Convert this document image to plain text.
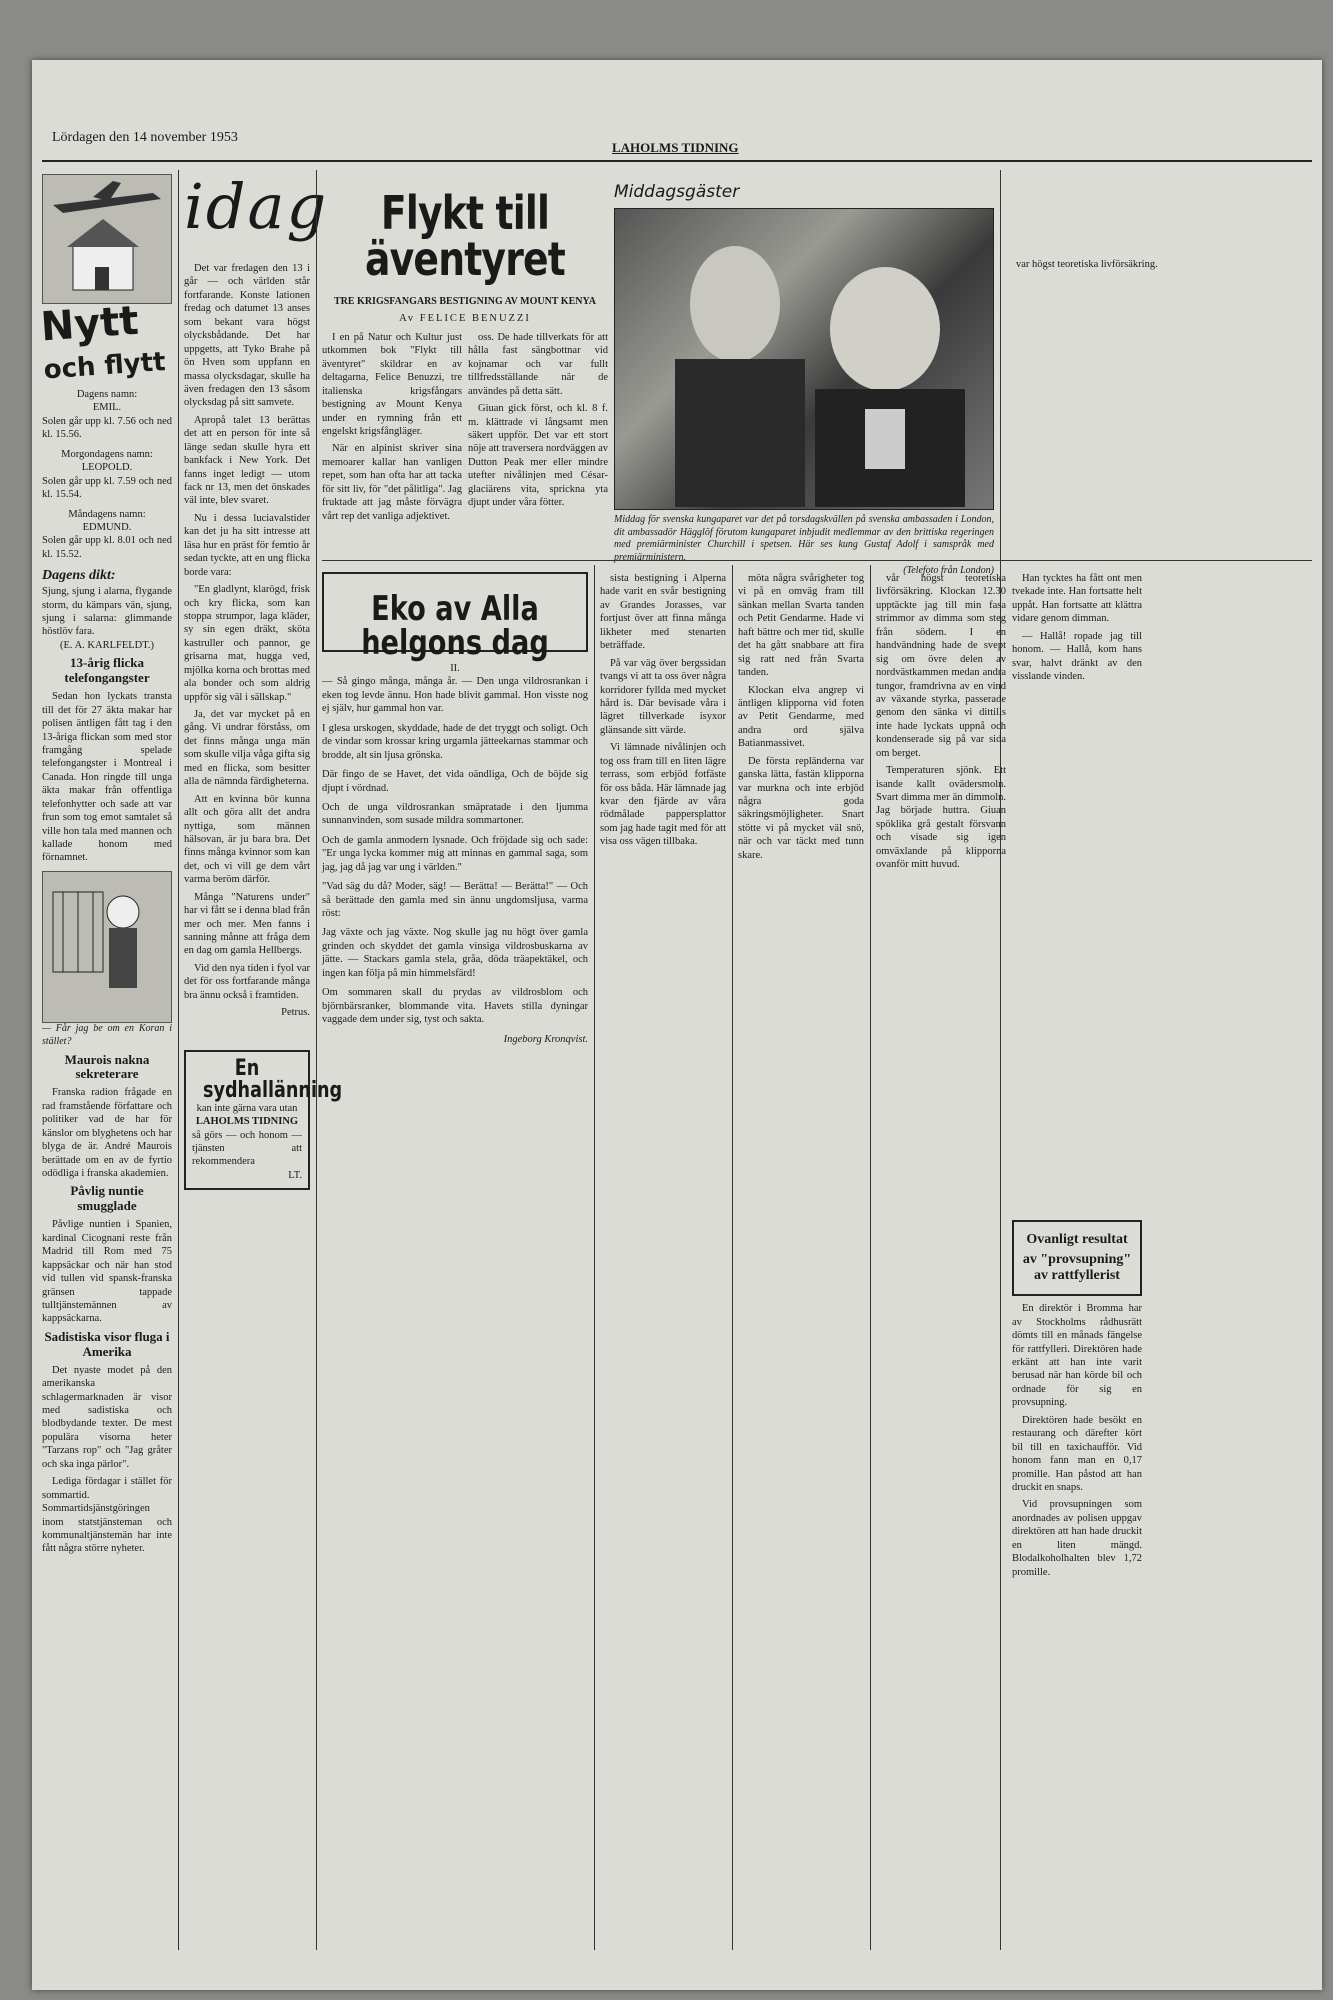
Lördagen den 14 november 1953
LAHOLMS TIDNING
Nytt
och flytt
Dagens namn:
EMIL.
Solen går upp kl. 7.56 och ned kl. 15.56.
Morgondagens namn:
LEOPOLD.
Solen går upp kl. 7.59 och ned kl. 15.54.
Måndagens namn:
EDMUND.
Solen går upp kl. 8.01 och ned kl. 15.52.
Dagens dikt:
Sjung, sjung i alarna, flygande storm, du kämpars vän, sjung, sjung i salarna: glimmande höstlöv fara.
(E. A. KARLFELDT.)
13-årig flicka telefongangster

Sedan hon lyckats transta till det för 27 äkta makar har polisen äntligen fått tag i den 13-åriga flickan som med stor framgång spelade telefongangster i Montreal i Canada. Hon ringde till unga äkta makar från offentliga telefonhytter och sade att var frun som tog emot samtalet så ville hon tala med mannen och kallade honom med förnamnet.

— Får jag be om en Koran i stället?
Maurois nakna sekreterare

Franska radion frågade en rad framstående författare och politiker vad de har för känslor om blyghetens och har blyga de är. André Maurois berättade om en av de fyrtio odödliga i franska akademien.

Påvlig nuntie smugglade

Påvlige nuntien i Spanien, kardinal Cicognani reste från Madrid till Rom med 75 kappsäckar och när han stod vid tullen vid spansk-franska gränsen tappade tulltjänstemännen av kappsäckarna.

Sadistiska visor fluga i Amerika

Det nyaste modet på den amerikanska schlagermarknaden är visor med sadistiska och blodbydande texter. De mest populära visorna heter "Tarzans rop" och "Jag gråter och ska inga pärlor".

Lediga fördagar i stället för sommartid. Sommartidsjänstgöringen inom statstjänsteman och kommunaltjänstemän har inte fått några större nyheter.

idag

Det var fredagen den 13 i går — och världen står fortfarande. Konste lationen fredag och datumet 13 anses som bekant vara högst olycksbådande. Det har uppgetts, att Tyko Brahe på ön Hven som uppfann en massa olycksdagar, skulle ha även fredagen den 13 såsom olycksdag på sitt samvete.

Apropå talet 13 berättas det att en person för inte så länge sedan skulle hyra ett bankfack i New York. Det fanns inget ledigt — utom fack nr 13, men det önskades väl inte, blev svaret.

Nu i dessa luciavalstider kan det ju ha sitt intresse att läsa hur en präst för femtio år sedan tyckte, att en ung flicka borde vara:

"En gladlynt, klarögd, frisk och kry flicka, som kan stoppa strumpor, laga kläder, sy sin egen dräkt, sköta kastruller och pannor, ge grisarna mat, hugga ved, mjölka korna och brottas med ala bonder och som aldrig uppför sig väl i sällskap."

Ja, det var mycket på en gång. Vi undrar förståss, om det finns många unga män som skulle vilja våga gifta sig med en flicka, som besitter alla de nämnda färdigheterna.

Att en kvinna bör kunna allt och göra allt det andra nyttiga, som männen hälsovan, är ju bara bra. Det finns många kvinnor som kan det, och vi vill ge dem vårt varma beröm därför.

Många "Naturens under" har vi fått se i denna blad från mer och mer. Men fanns i sanning månne att fråga dem en dag om gamla Hellbergs.

Vid den nya tiden i fyol var det för oss fortfarande många bra ännu också i framtiden.

Petrus.
En sydhallänning
kan inte gärna vara utan
LAHOLMS TIDNING
så görs — och honom — tjänsten att rekommendera
LT.
Flykt till äventyret
TRE KRIGSFANGARS BESTIGNING AV MOUNT KENYA
Av FELICE BENUZZI

I en på Natur och Kultur just utkommen bok "Flykt till äventyret" skildrar en av deltagarna, Felice Benuzzi, tre italienska krigsfångars bestigning av Mount Kenya under en rymning från ett engelskt krigsfångläger.

När en alpinist skriver sina memoarer kallar han vanligen repet, som han ofta har att tacka för sitt liv, för "det pålitliga". Jag fruktade att jag måste förvägra vårt rep det vanliga adjektivet.

oss. De hade tillverkats för att hålla fast sängbottnar vid kojnamar och var fullt tillfredsställande när de användes på detta sätt.

Giuan gick först, och kl. 8 f. m. klättrade vi långsamt men säkert uppför. Det var ett stort nöje att traversera nordväggen av Dutton Peak mer eller mindre utefter nivålinjen med César-glaciärens vita, sprickna yta djupt under våra fötter.

Middagsgäster
Middag för svenska kungaparet var det på torsdagskvällen på svenska ambassaden i London, dit ambassadör Hägglöf förutom kungaparet inbjudit medlemmar av den brittiska regeringen med premiärminister Churchill i spetsen. Här ses kung Gustaf Adolf i samspråk med premiärministern.
(Telefoto från London)

var högst teoretiska livförsäkring.

Eko av Alla helgons dag
II.

— Så gingo många, många år. — Den unga vildrosrankan i eken tog levde ännu. Hon hade blivit gammal. Hon visste nog ej själv, hur gammal hon var.

I glesa urskogen, skyddade, hade de det tryggt och soligt. Och de vindar som krossar kring urgamla jätteekarnas stammar och brodde, alt sin ljusa grönska.

Där fingo de se Havet, det vida oändliga, Och de böjde sig djupt i vördnad.

Och de unga vildrosrankan smäpratade i den ljumma sunnanvinden, som susade mildra sommartoner.

Och de gamla anmodern lysnade. Och fröjdade sig och sade: "Er unga lycka kommer mig att minnas en gammal saga, som jag, jag då jag var ung i världen."

"Vad säg du då? Moder, säg! — Berätta! — Berätta!" — Och så berättade den gamla med sin ännu ungdomsljusa, varma röst:

Jag växte och jag växte. Nog skulle jag nu högt över gamla grinden och skyddet det gamla vinsiga vildrosbuskarna av jätte. — Stackars gamla stela, gråa, döda träapektäkel, och ingen kan följa på min himmelsfärd!

Om sommaren skall du prydas av vildrosblom och björnbärsranker, blommande vita. Havets stilla dyningar vaggade dem under sig, tyst och sakta.

Ingeborg Kronqvist.

sista bestigning i Alperna hade varit en svår bestigning av Grandes Jorasses, var fortjust över att finna många likheter med stenarten beträffade.

På var väg över bergssidan tvangs vi att ta oss över några korridorer fyllda med mycket hård is. Där bevisade våra i lägret tillverkade isyxor glänsande sitt värde.

Vi lämnade nivålinjen och tog oss fram till en liten lägre terrass, som erbjöd fotfäste för oss båda. Här lämnade jag kvar den fjärde av våra rödmålade pappersplattor som jag hade tagit med för att visa oss vägen tillbaka.

möta några svårigheter tog vi på en omväg fram till sänkan mellan Svarta tanden och Petit Gendarme. Hade vi haft bättre och mer tid, skulle det ha gått snabbare att fira sig ratt ned från Svarta tanden.

Klockan elva angrep vi äntligen klipporna vid foten av Petit Gendarme, med andra ord själva Batianmassivet.

De första repländerna var ganska lätta, fastän klipporna var murkna och inte erbjöd några goda säkringsmöjligheter. Snart stötte vi på mycket väl snö, när och var täckt med tunn skare.

vår högst teoretiska livförsäkring. Klockan 12.30 upptäckte jag till min fasa strimmor av dimma som steg från södern. I en handvändning hade de svept sig om övre delen av nordvästkammen medan andra tungor, framdrivna av en vind av växande styrka, passerade genom den sänka vi dittills inte hade lyckats uppnå och kondenserade sig på var sida om berget.

Temperaturen sjönk. Ett isande kallt ovädersmoln. Svart dimma mer än dimmoln. Jag började huttra. Giuan spöklika grå gestalt försvann och visade sig igen omväxlande på klipporna ovanför mitt huvud.

Han tycktes ha fått ont men tvekade inte. Han fortsatte helt uppåt. Han fortsatte att klättra vidare genom dimman.

— Hallå! ropade jag till honom. — Hallå, kom hans svar, halvt dränkt av den visslande vinden.

Ovanligt resultat
av "provsupning" av rattfyllerist

En direktör i Bromma har av Stockholms rådhusrätt dömts till en månads fängelse för rattfylleri. Direktören hade erkänt att han inte varit berusad när han körde bil och ordnade för sig en provsupning.

Direktören hade besökt en restaurang och därefter kört bil till en taxichaufför. Vid honom fann man en 0,17 promille. Han påstod att han druckit en snaps.

Vid provsupningen som anordnades av polisen uppgav direktören att han hade druckit en liten mängd. Blodalkoholhalten blev 1,72 promille.
